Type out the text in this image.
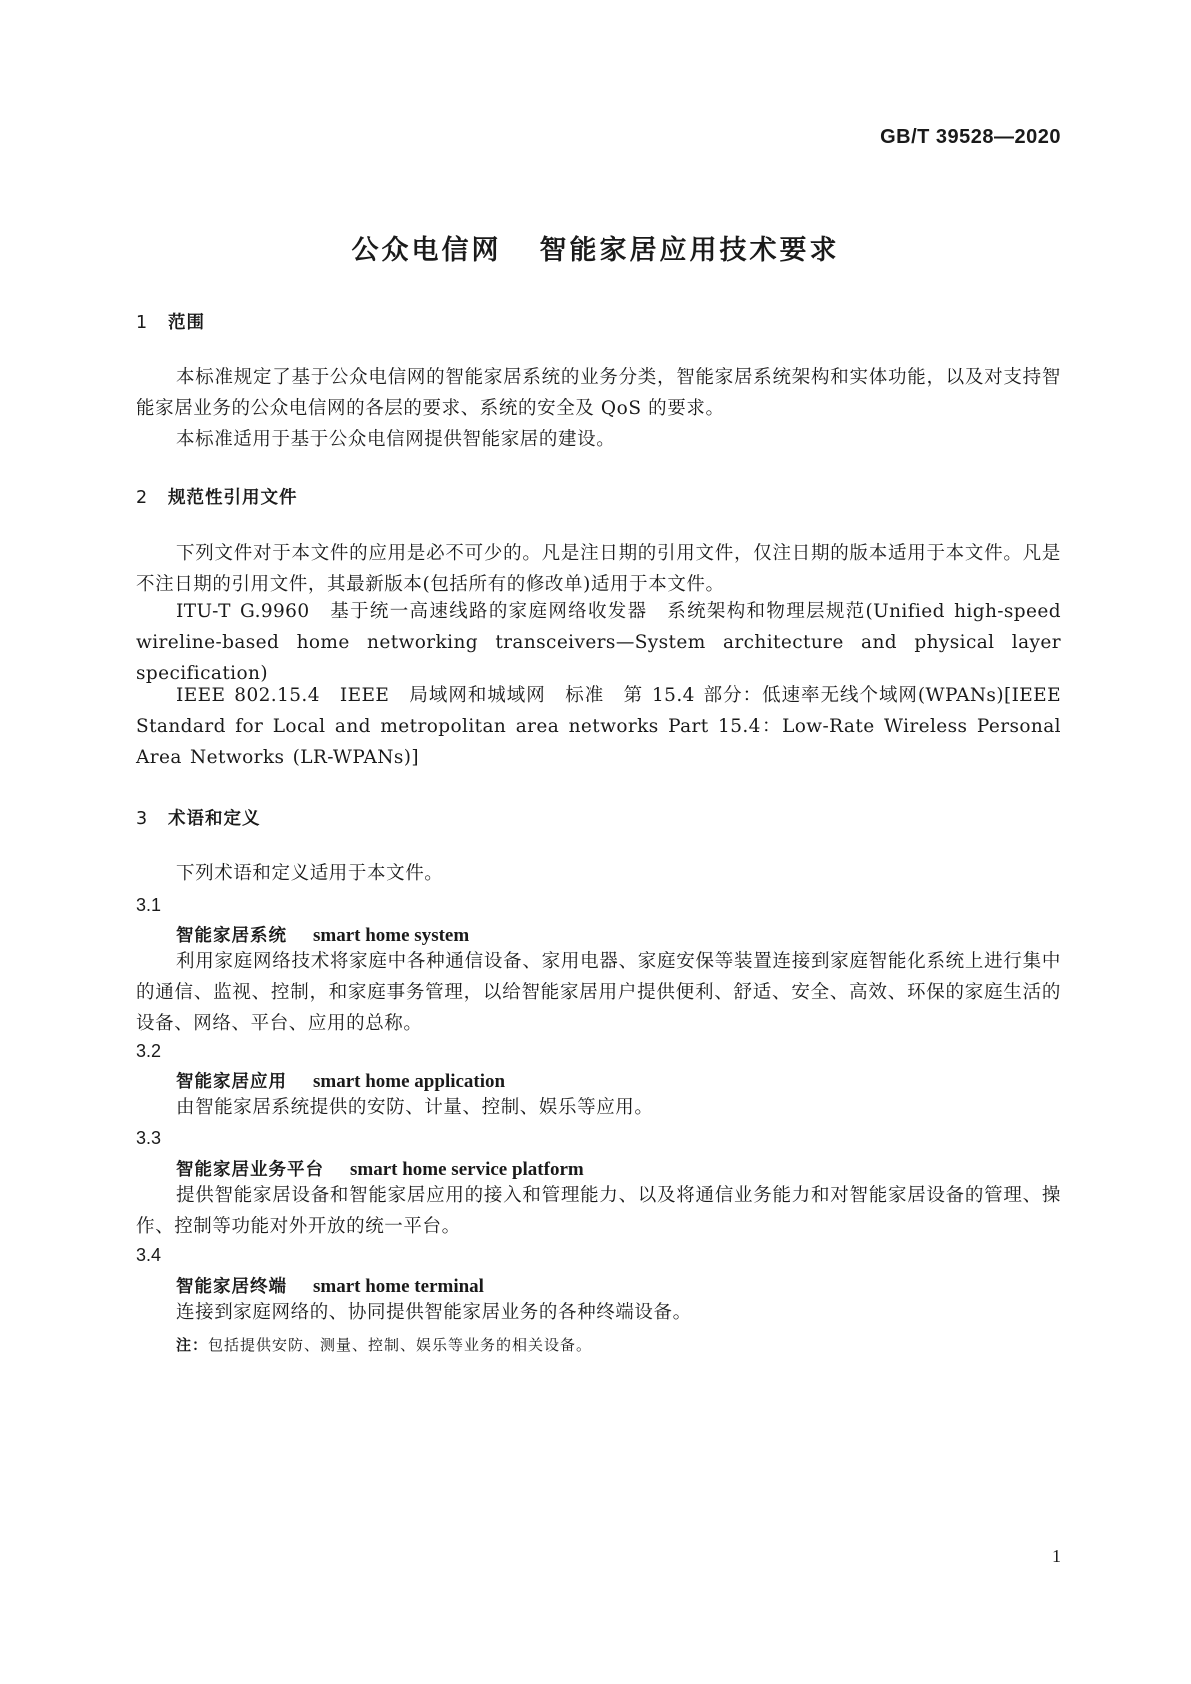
GB/T 39528—2020
公众电信网 智能家居应用技术要求
1 范围
本标准规定了基于公众电信网的智能家居系统的业务分类，智能家居系统架构和实体功能，以及对支持智能家居业务的公众电信网的各层的要求、系统的安全及 QoS 的要求。
本标准适用于基于公众电信网提供智能家居的建设。
2 规范性引用文件
下列文件对于本文件的应用是必不可少的。凡是注日期的引用文件，仅注日期的版本适用于本文件。凡是不注日期的引用文件，其最新版本(包括所有的修改单)适用于本文件。
ITU-T G.9960　基于统一高速线路的家庭网络收发器　系统架构和物理层规范(Unified high-speed wireline-based home networking transceivers—System architecture and physical layer specification)
IEEE 802.15.4　IEEE　局域网和城域网　标准　第 15.4 部分：低速率无线个域网(WPANs)[IEEE Standard for Local and metropolitan area networks Part 15.4：Low-Rate Wireless Personal Area Networks (LR-WPANs)]
3 术语和定义
下列术语和定义适用于本文件。
3.1
智能家居系统 smart home system
利用家庭网络技术将家庭中各种通信设备、家用电器、家庭安保等装置连接到家庭智能化系统上进行集中的通信、监视、控制，和家庭事务管理，以给智能家居用户提供便利、舒适、安全、高效、环保的家庭生活的设备、网络、平台、应用的总称。
3.2
智能家居应用 smart home application
由智能家居系统提供的安防、计量、控制、娱乐等应用。
3.3
智能家居业务平台 smart home service platform
提供智能家居设备和智能家居应用的接入和管理能力、以及将通信业务能力和对智能家居设备的管理、操作、控制等功能对外开放的统一平台。
3.4
智能家居终端 smart home terminal
连接到家庭网络的、协同提供智能家居业务的各种终端设备。
注：包括提供安防、测量、控制、娱乐等业务的相关设备。
1
